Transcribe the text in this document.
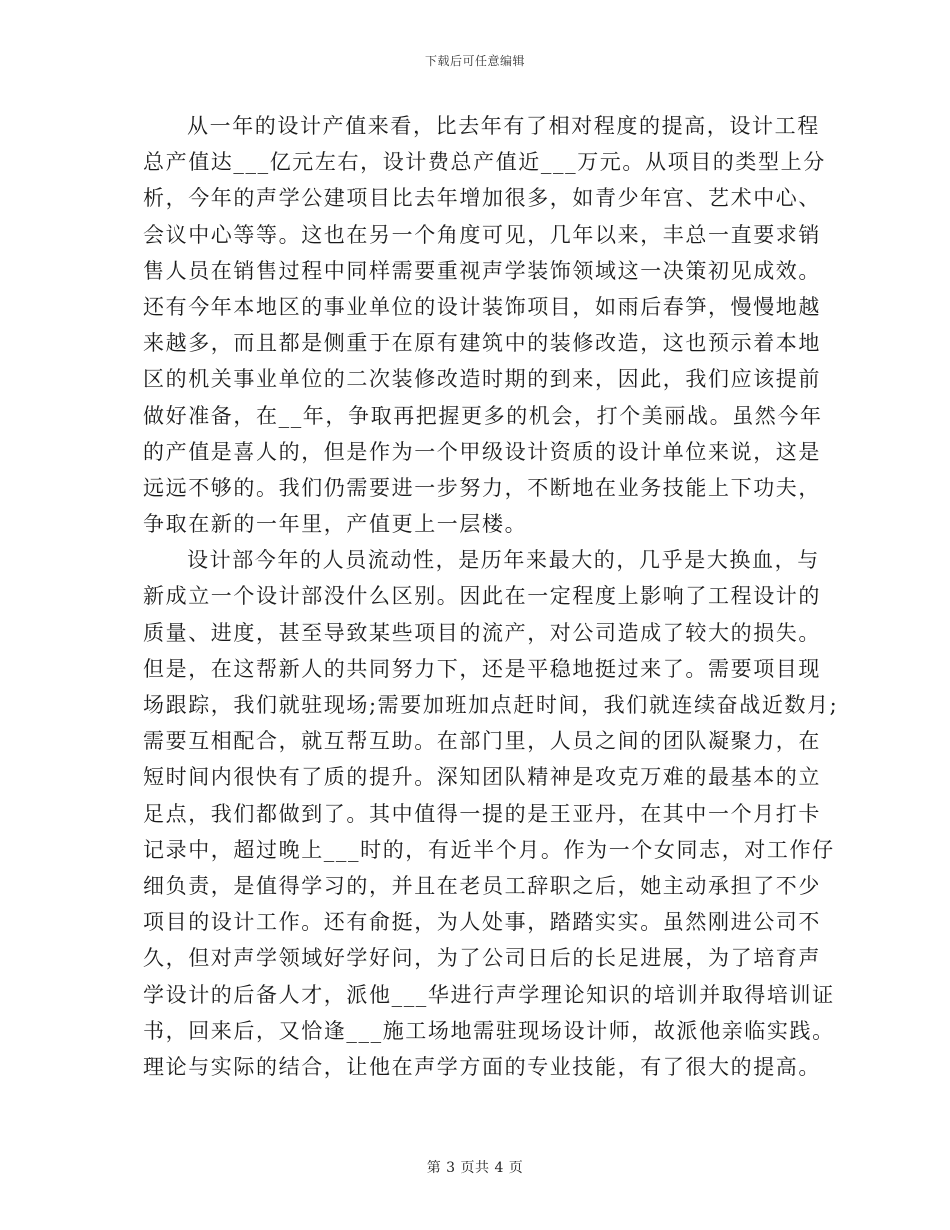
下载后可任意编辑
从一年的设计产值来看，比去年有了相对程度的提高，设计工程
总产值达___亿元左右，设计费总产值近___万元。从项目的类型上分
析，今年的声学公建项目比去年增加很多，如青少年宫、艺术中心、
会议中心等等。这也在另一个角度可见，几年以来，丰总一直要求销
售人员在销售过程中同样需要重视声学装饰领域这一决策初见成效。
还有今年本地区的事业单位的设计装饰项目，如雨后春笋，慢慢地越
来越多，而且都是侧重于在原有建筑中的装修改造，这也预示着本地
区的机关事业单位的二次装修改造时期的到来，因此，我们应该提前
做好准备，在__年，争取再把握更多的机会，打个美丽战。虽然今年
的产值是喜人的，但是作为一个甲级设计资质的设计单位来说，这是
远远不够的。我们仍需要进一步努力，不断地在业务技能上下功夫，
争取在新的一年里，产值更上一层楼。
设计部今年的人员流动性，是历年来最大的，几乎是大换血，与
新成立一个设计部没什么区别。因此在一定程度上影响了工程设计的
质量、进度，甚至导致某些项目的流产，对公司造成了较大的损失。
但是，在这帮新人的共同努力下，还是平稳地挺过来了。需要项目现
场跟踪，我们就驻现场;需要加班加点赶时间，我们就连续奋战近数月;
需要互相配合，就互帮互助。在部门里，人员之间的团队凝聚力，在
短时间内很快有了质的提升。深知团队精神是攻克万难的最基本的立
足点，我们都做到了。其中值得一提的是王亚丹，在其中一个月打卡
记录中，超过晚上___时的，有近半个月。作为一个女同志，对工作仔
细负责，是值得学习的，并且在老员工辞职之后，她主动承担了不少
项目的设计工作。还有俞挺，为人处事，踏踏实实。虽然刚进公司不
久，但对声学领域好学好问，为了公司日后的长足进展，为了培育声
学设计的后备人才，派他___华进行声学理论知识的培训并取得培训证
书，回来后，又恰逢___施工场地需驻现场设计师，故派他亲临实践。
理论与实际的结合，让他在声学方面的专业技能，有了很大的提高。
第 3 页共 4 页
